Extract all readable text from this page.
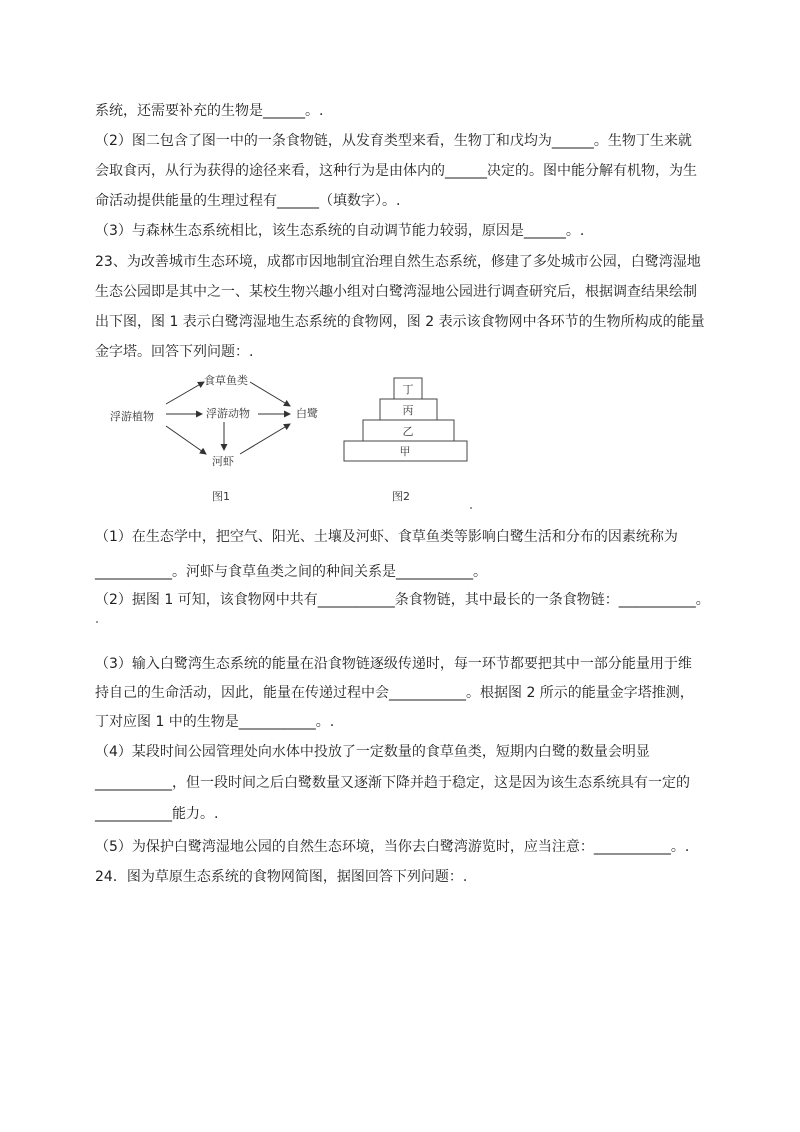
系统，还需要补充的生物是______。.
（2）图二包含了图一中的一条食物链，从发育类型来看，生物丁和戊均为______。生物丁生来就
会取食丙，从行为获得的途径来看，这种行为是由体内的______决定的。图中能分解有机物，为生
命活动提供能量的生理过程有______（填数字）。.
（3）与森林生态系统相比，该生态系统的自动调节能力较弱，原因是______。.
23、为改善城市生态环境，成都市因地制宜治理自然生态系统，修建了多处城市公园，白鹭湾湿地
生态公园即是其中之一、某校生物兴趣小组对白鹭湾湿地公园进行调查研究后，根据调查结果绘制
出下图，图 1 表示白鹭湾湿地生态系统的食物网，图 2 表示该食物网中各环节的生物所构成的能量
金字塔。回答下列问题：.
浮游植物
食草鱼类
浮游动物
河虾
白鹭
图1
丁
丙
乙
甲
图2
（1）在生态学中，把空气、阳光、土壤及河虾、食草鱼类等影响白鹭生活和分布的因素统称为
___________。河虾与食草鱼类之间的种间关系是___________。
（2）据图 1 可知，该食物网中共有___________条食物链，其中最长的一条食物链：___________。
（3）输入白鹭湾生态系统的能量在沿食物链逐级传递时，每一环节都要把其中一部分能量用于维
持自己的生命活动，因此，能量在传递过程中会___________。根据图 2 所示的能量金字塔推测，
丁对应图 1 中的生物是___________。.
（4）某段时间公园管理处向水体中投放了一定数量的食草鱼类，短期内白鹭的数量会明显
___________，但一段时间之后白鹭数量又逐渐下降并趋于稳定，这是因为该生态系统具有一定的
___________能力。.
（5）为保护白鹭湾湿地公园的自然生态环境，当你去白鹭湾游览时，应当注意：___________。.
24．图为草原生态系统的食物网简图，据图回答下列问题：.
